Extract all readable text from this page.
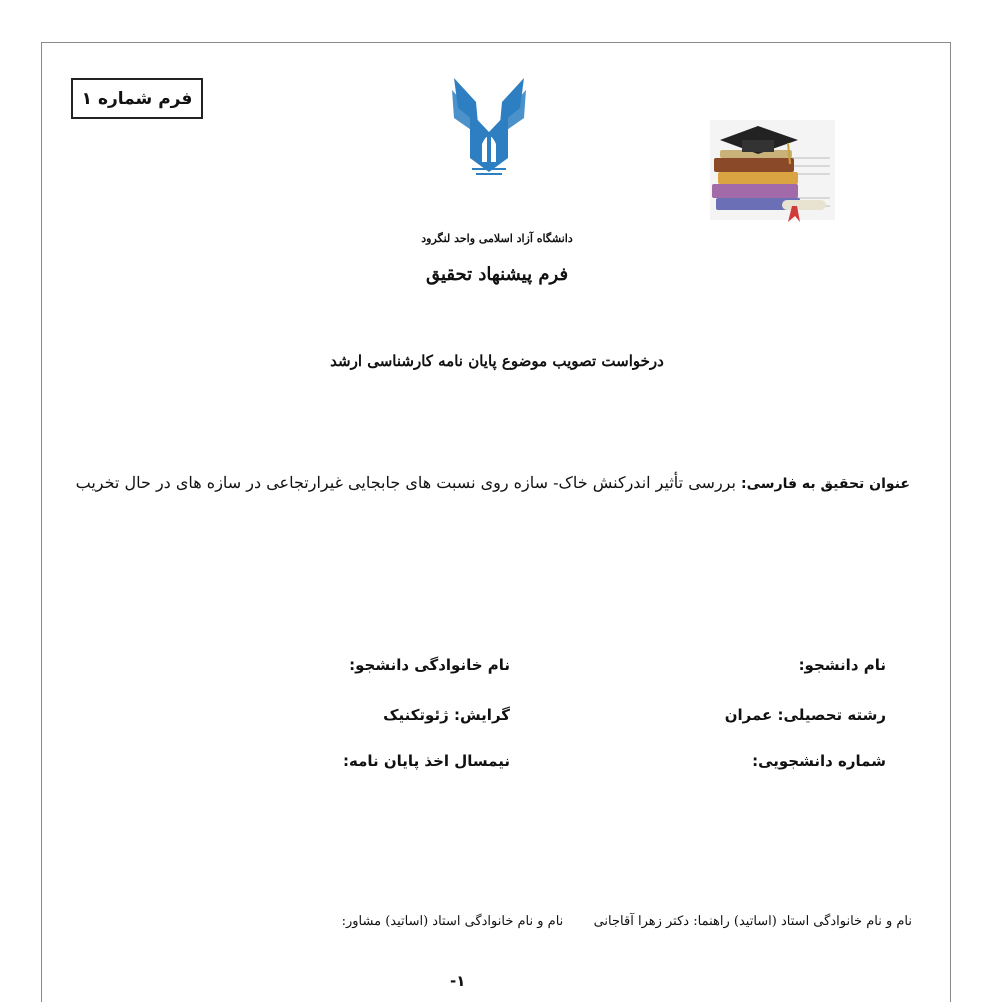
فرم شماره ۱
دانشگاه آزاد اسلامی واحد لنگرود
فرم پیشنهاد تحقیق
درخواست تصویب موضوع پایان نامه کارشناسی ارشد
عنوان تحقیق به فارسی: بررسی تأثیر اندرکنش خاک- سازه روی نسبت های جابجایی غیرارتجاعی در سازه های در حال تخریب
نام دانشجو:
نام خانوادگی دانشجو:
رشته تحصیلی: عمران
گرایش: ژئوتکنیک
شماره دانشجویی:
نیمسال اخذ پایان نامه:
نام و نام خانوادگی استاد (اساتید) راهنما: دکتر زهرا آقاجانی  نام و نام خانوادگی استاد (اساتید) مشاور:
-۱
